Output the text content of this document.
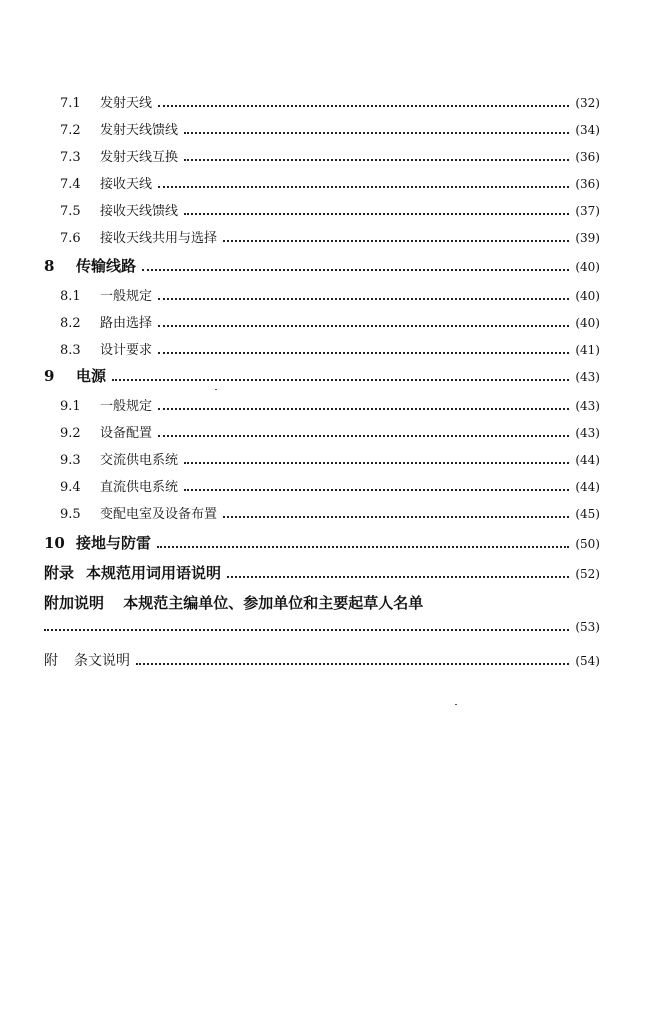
7.1	发射天线	(32)
7.2	发射天线馈线	(34)
7.3	发射天线互换	(36)
7.4	接收天线	(36)
7.5	接收天线馈线	(37)
7.6	接收天线共用与选择	(39)
8	传输线路	(40)
8.1	一般规定	(40)
8.2	路由选择	(40)
8.3	设计要求	(41)
9	电源	(43)
9.1	一般规定	(43)
9.2	设备配置	(43)
9.3	交流供电系统	(44)
9.4	直流供电系统	(44)
9.5	变配电室及设备布置	(45)
10 接地与防雷	(50)
附录 本规范用词用语说明	(52)
附加说明 本规范主编单位、参加单位和主要起草人名单
(53)
附 条文说明	(54)
